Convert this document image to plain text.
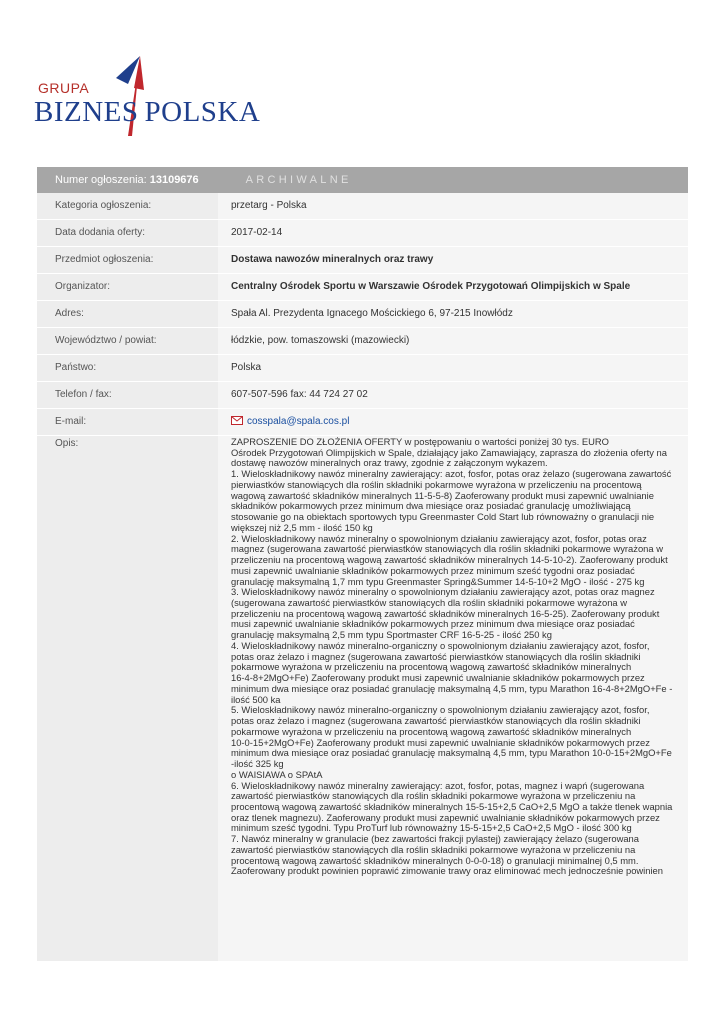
GRUPA
BIZNES POLSKA
Numer ogłoszenia: 13109676	ARCHIWALNE
Kategoria ogłoszenia:	przetarg - Polska
Data dodania oferty:	2017-02-14
Przedmiot ogłoszenia:	Dostawa nawozów mineralnych oraz trawy
Organizator:	Centralny Ośrodek Sportu w Warszawie Ośrodek Przygotowań Olimpijskich w Spale
Adres:	Spała Al. Prezydenta Ignacego Mościckiego 6, 97-215 Inowłódz
Województwo / powiat:	łódzkie, pow. tomaszowski (mazowiecki)
Państwo:	Polska
Telefon / fax:	607-507-596 fax: 44 724 27 02
E-mail:	cosspala@spala.cos.pl
Opis:	ZAPROSZENIE DO ZŁOŻENIA OFERTY w postępowaniu o wartości poniżej 30 tys. EURO
Ośrodek Przygotowań Olimpijskich w Spale, działający jako Zamawiający, zaprasza do złożenia oferty na
dostawę nawozów mineralnych oraz trawy, zgodnie z załączonym wykazem.
1. Wieloskładnikowy nawóz mineralny zawierający: azot, fosfor, potas oraz żelazo (sugerowana zawartość
pierwiastków stanowiących dla roślin składniki pokarmowe wyrażona w przeliczeniu na procentową
wagową zawartość składników mineralnych 11-5-5-8) Zaoferowany produkt musi zapewnić uwalnianie
składników pokarmowych przez minimum dwa miesiące oraz posiadać granulację umożliwiającą
stosowanie go na obiektach sportowych typu Greenmaster Cold Start lub równoważny o granulacji nie
większej niż 2,5 mm - ilość 150 kg
2. Wieloskładnikowy nawóz mineralny o spowolnionym działaniu zawierający azot, fosfor, potas oraz
magnez (sugerowana zawartość pierwiastków stanowiących dla roślin składniki pokarmowe wyrażona w
przeliczeniu na procentową wagową zawartość składników mineralnych 14-5-10-2). Zaoferowany produkt
musi zapewnić uwalnianie składników pokarmowych przez minimum sześć tygodni oraz posiadać
granulację maksymalną 1,7 mm typu Greenmaster Spring&Summer 14-5-10+2 MgO - ilość - 275 kg
3. Wieloskładnikowy nawóz mineralny o spowolnionym działaniu zawierający azot, potas oraz magnez
(sugerowana zawartość pierwiastków stanowiących dla roślin składniki pokarmowe wyrażona w
przeliczeniu na procentową wagową zawartość składników mineralnych 16-5-25). Zaoferowany produkt
musi zapewnić uwalnianie składników pokarmowych przez minimum dwa miesiące oraz posiadać
granulację maksymalną 2,5 mm typu Sportmaster CRF 16-5-25 - ilość 250 kg
4. Wieloskładnikowy nawóz mineralno-organiczny o spowolnionym działaniu zawierający azot, fosfor,
potas oraz żelazo i magnez (sugerowana zawartość pierwiastków stanowiących dla roślin składniki
pokarmowe wyrażona w przeliczeniu na procentową wagową zawartość składników mineralnych
16-4-8+2MgO+Fe) Zaoferowany produkt musi zapewnić uwalnianie składników pokarmowych przez
minimum dwa miesiące oraz posiadać granulację maksymalną 4,5 mm, typu Marathon 16-4-8+2MgO+Fe -
ilość 500 ka
5. Wieloskładnikowy nawóz mineralno-organiczny o spowolnionym działaniu zawierający azot, fosfor,
potas oraz żelazo i magnez (sugerowana zawartość pierwiastków stanowiących dla roślin składniki
pokarmowe wyrażona w przeliczeniu na procentową wagową zawartość składników mineralnych
10-0-15+2MgO+Fe) Zaoferowany produkt musi zapewnić uwalnianie składników pokarmowych przez
minimum dwa miesiące oraz posiadać granulację maksymalną 4,5 mm, typu Marathon 10-0-15+2MgO+Fe
-ilość 325 kg
o WAISIAWA o SPAtA
6. Wieloskładnikowy nawóz mineralny zawierający: azot, fosfor, potas, magnez i wapń (sugerowana
zawartość pierwiastków stanowiących dla roślin składniki pokarmowe wyrażona w przeliczeniu na
procentową wagową zawartość składników mineralnych 15-5-15+2,5 CaO+2,5 MgO a także tlenek wapnia
oraz tlenek magnezu). Zaoferowany produkt musi zapewnić uwalnianie składników pokarmowych przez
minimum sześć tygodni. Typu ProTurf lub równoważny 15-5-15+2,5 CaO+2,5 MgO - ilość 300 kg
7. Nawóz mineralny w granulacie (bez zawartości frakcji pylastej) zawierający żelazo (sugerowana
zawartość pierwiastków stanowiących dla roślin składniki pokarmowe wyrażona w przeliczeniu na
procentową wagową zawartość składników mineralnych 0-0-0-18) o granulacji minimalnej 0,5 mm.
Zaoferowany produkt powinien poprawić zimowanie trawy oraz eliminować mech jednocześnie powinien
